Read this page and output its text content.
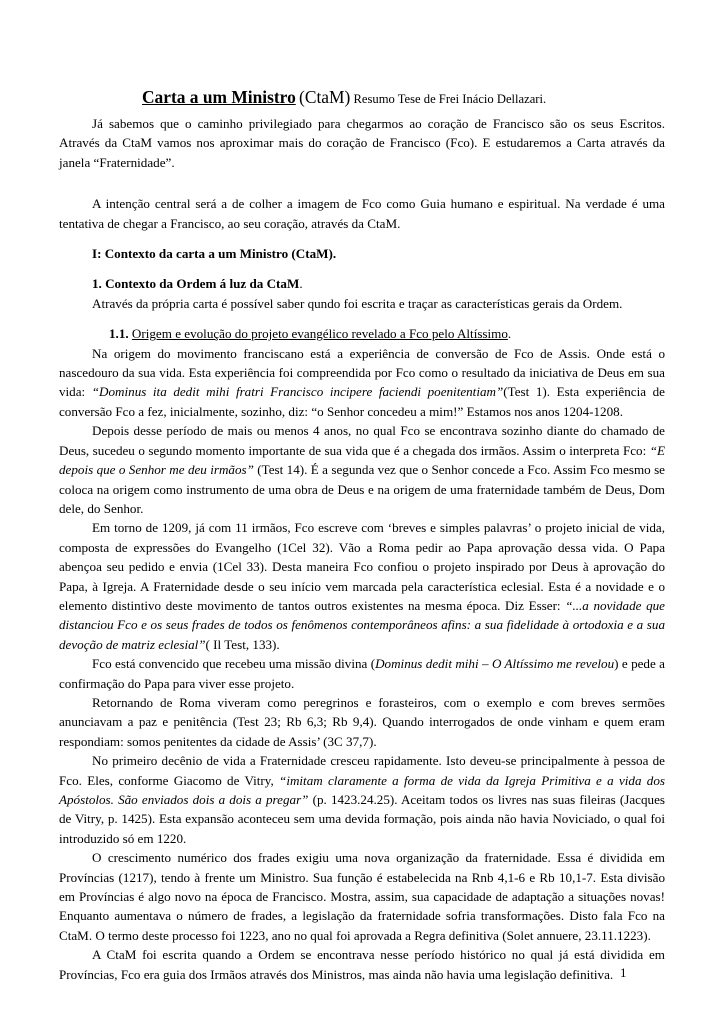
Carta a um Ministro (CtaM) Resumo Tese de Frei Inácio Dellazari.

Já sabemos que o caminho privilegiado para chegarmos ao coração de Francisco são os seus Escritos. Através da CtaM vamos nos aproximar mais do coração de Francisco (Fco). E estudaremos a Carta através da janela “Fraternidade”.

A intenção central será a de colher a imagem de Fco como Guia humano e espiritual. Na verdade é uma tentativa de chegar a Francisco, ao seu coração, através da CtaM.

I: Contexto da carta a um Ministro (CtaM).

1. Contexto da Ordem á luz da CtaM.

Através da própria carta é possível saber qundo foi escrita e traçar as características gerais da Ordem.

1.1. Origem e evolução do projeto evangélico revelado a Fco pelo Altíssimo.

Na origem do movimento franciscano está a experiência de conversão de Fco de Assis. Onde está o nascedouro da sua vida. Esta experiência foi compreendida por Fco como o resultado da iniciativa de Deus em sua vida: “Dominus ita dedit mihi fratri Francisco incipere faciendi poenitentiam”(Test 1). Esta experiência de conversão Fco a fez, inicialmente, sozinho, diz: “o Senhor concedeu a mim!” Estamos nos anos 1204-1208.

Depois desse período de mais ou menos 4 anos, no qual Fco se encontrava sozinho diante do chamado de Deus, sucedeu o segundo momento importante de sua vida que é a chegada dos irmãos. Assim o interpreta Fco: “E depois que o Senhor me deu irmãos” (Test 14). É a segunda vez que o Senhor concede a Fco. Assim Fco mesmo se coloca na origem como instrumento de uma obra de Deus e na origem de uma fraternidade também de Deus, Dom dele, do Senhor.

Em torno de 1209, já com 11 irmãos, Fco escreve com ‘breves e simples palavras’ o projeto inicial de vida, composta de expressões do Evangelho (1Cel 32). Vão a Roma pedir ao Papa aprovação dessa vida. O Papa abençoa seu pedido e envia (1Cel 33). Desta maneira Fco confiou o projeto inspirado por Deus à aprovação do Papa, à Igreja. A Fraternidade desde o seu início vem marcada pela característica eclesial. Esta é a novidade e o elemento distintivo deste movimento de tantos outros existentes na mesma época. Diz Esser: “...a novidade que distanciou Fco e os seus frades de todos os fenômenos contemporâneos afins: a sua fidelidade à ortodoxia e a sua devoção de matriz eclesial”( Il Test, 133).

Fco está convencido que recebeu uma missão divina (Dominus dedit mihi – O Altíssimo me revelou) e pede a confirmação do Papa para viver esse projeto.

Retornando de Roma viveram como peregrinos e forasteiros, com o exemplo e com breves sermões anunciavam a paz e penitência (Test 23; Rb 6,3; Rb 9,4). Quando interrogados de onde vinham e quem eram respondiam: somos penitentes da cidade de Assis’ (3C 37,7).

No primeiro decênio de vida a Fraternidade cresceu rapidamente. Isto deveu-se principalmente à pessoa de Fco. Eles, conforme Giacomo de Vitry, “imitam claramente a forma de vida da Igreja Primitiva e a vida dos Apóstolos. São enviados dois a dois a pregar” (p. 1423.24.25). Aceitam todos os livres nas suas fileiras (Jacques de Vitry, p. 1425). Esta expansão aconteceu sem uma devida formação, pois ainda não havia Noviciado, o qual foi introduzido só em 1220.

O crescimento numérico dos frades exigiu uma nova organização da fraternidade. Essa é dividida em Províncias (1217), tendo à frente um Ministro. Sua função é estabelecida na Rnb 4,1-6 e Rb 10,1-7. Esta divisão em Províncias é algo novo na época de Francisco. Mostra, assim, sua capacidade de adaptação a situações novas! Enquanto aumentava o número de frades, a legislação da fraternidade sofria transformações. Disto fala Fco na CtaM. O termo deste processo foi 1223, ano no qual foi aprovada a Regra definitiva (Solet annuere, 23.11.1223).

A CtaM foi escrita quando a Ordem se encontrava nesse período histórico no qual já está dividida em Províncias, Fco era guia dos Irmãos através dos Ministros, mas ainda não havia uma legislação definitiva. 1
